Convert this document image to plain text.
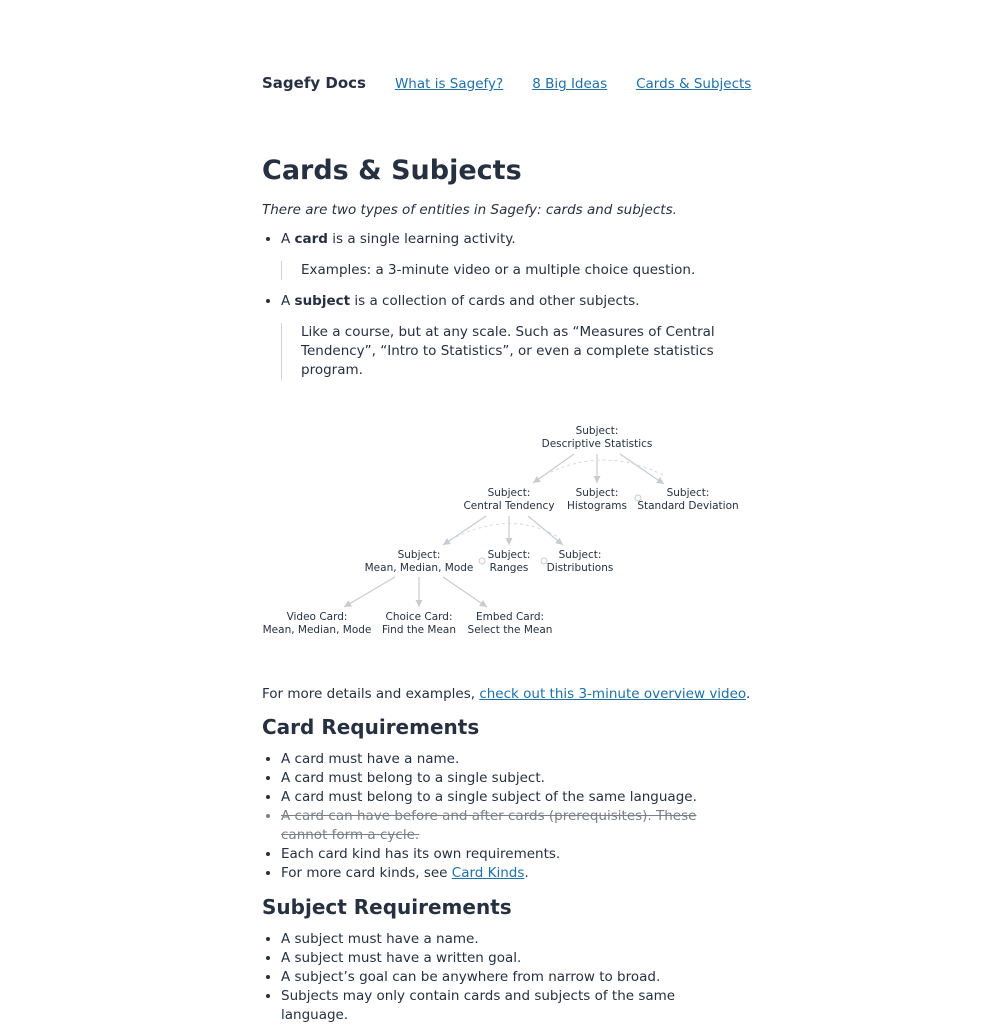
Sagefy Docs What is Sagefy? 8 Big Ideas Cards & Subjects
Cards & Subjects

There are two types of entities in Sagefy: cards and subjects.

• A card is a single learning activity.
Examples: a 3-minute video or a multiple choice question.
• A subject is a collection of cards and other subjects.
Like a course, but at any scale. Such as “Measures of Central Tendency”, “Intro to Statistics”, or even a complete statistics program.
Subject:
Descriptive Statistics
Subject:
Central Tendency
Subject:
Histograms
Subject:
Standard Deviation
Subject:
Mean, Median, Mode
Subject:
Ranges
Subject:
Distributions
Video Card:
Mean, Median, Mode
Choice Card:
Find the Mean
Embed Card:
Select the Mean
For more details and examples, check out this 3-minute overview video.
Card Requirements
• A card must have a name.
• A card must belong to a single subject.
• A card must belong to a single subject of the same language.
• A card can have before and after cards (prerequisites). These cannot form a cycle.
• Each card kind has its own requirements.
• For more card kinds, see Card Kinds.
Subject Requirements
• A subject must have a name.
• A subject must have a written goal.
• A subject’s goal can be anywhere from narrow to broad.
• Subjects may only contain cards and subjects of the same language.
